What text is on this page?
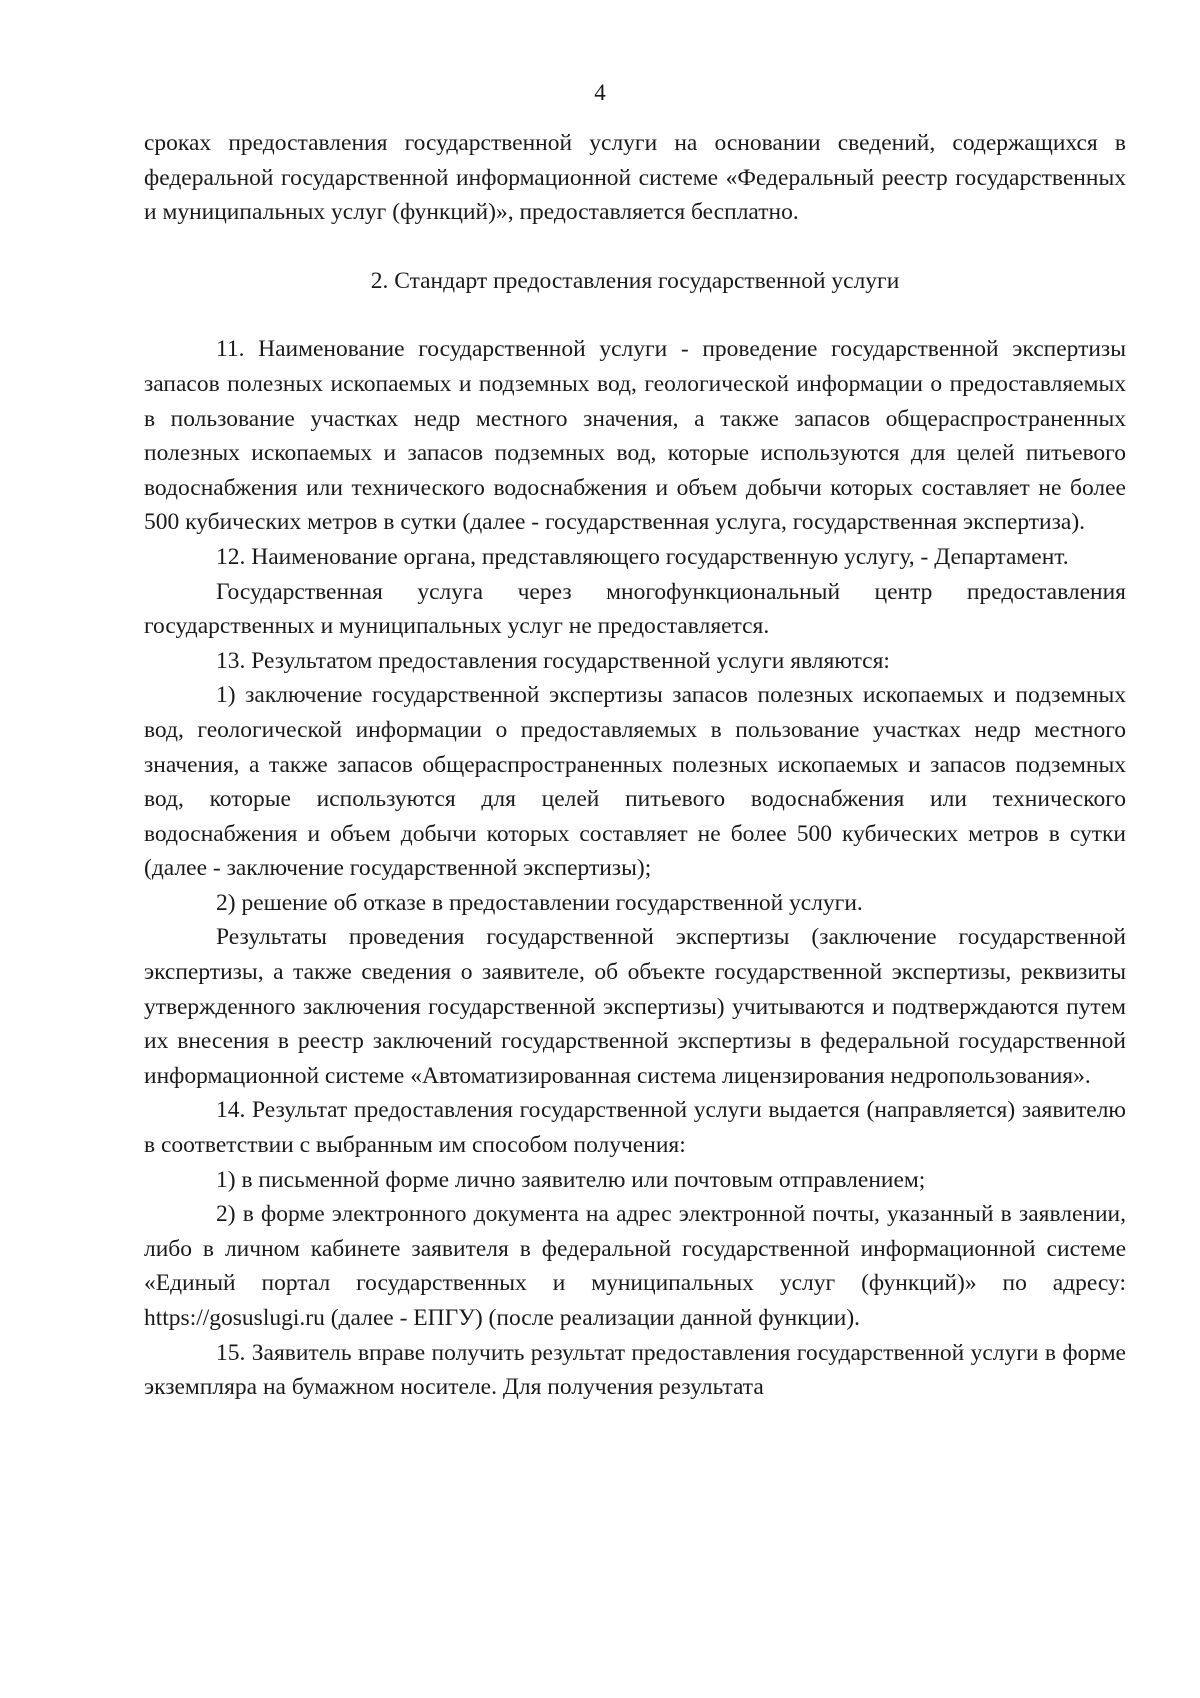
4

сроках предоставления государственной услуги на основании сведений, содержащихся в федеральной государственной информационной системе «Федеральный реестр государственных и муниципальных услуг (функций)», предоставляется бесплатно.

2. Стандарт предоставления государственной услуги

11. Наименование государственной услуги - проведение государственной экспертизы запасов полезных ископаемых и подземных вод, геологической информации о предоставляемых в пользование участках недр местного значения, а также запасов общераспространенных полезных ископаемых и запасов подземных вод, которые используются для целей питьевого водоснабжения или технического водоснабжения и объем добычи которых составляет не более 500 кубических метров в сутки (далее - государственная услуга, государственная экспертиза).

12. Наименование органа, представляющего государственную услугу, - Департамент.

Государственная услуга через многофункциональный центр предоставления государственных и муниципальных услуг не предоставляется.

13. Результатом предоставления государственной услуги являются:

1) заключение государственной экспертизы запасов полезных ископаемых и подземных вод, геологической информации о предоставляемых в пользование участках недр местного значения, а также запасов общераспространенных полезных ископаемых и запасов подземных вод, которые используются для целей питьевого водоснабжения или технического водоснабжения и объем добычи которых составляет не более 500 кубических метров в сутки (далее - заключение государственной экспертизы);

2) решение об отказе в предоставлении государственной услуги.

Результаты проведения государственной экспертизы (заключение государственной экспертизы, а также сведения о заявителе, об объекте государственной экспертизы, реквизиты утвержденного заключения государственной экспертизы) учитываются и подтверждаются путем их внесения в реестр заключений государственной экспертизы в федеральной государственной информационной системе «Автоматизированная система лицензирования недропользования».

14. Результат предоставления государственной услуги выдается (направляется) заявителю в соответствии с выбранным им способом получения:

1) в письменной форме лично заявителю или почтовым отправлением;

2) в форме электронного документа на адрес электронной почты, указанный в заявлении, либо в личном кабинете заявителя в федеральной государственной информационной системе «Единый портал государственных и муниципальных услуг (функций)» по адресу: https://gosuslugi.ru (далее - ЕПГУ) (после реализации данной функции).

15. Заявитель вправе получить результат предоставления государственной услуги в форме экземпляра на бумажном носителе. Для получения результата
